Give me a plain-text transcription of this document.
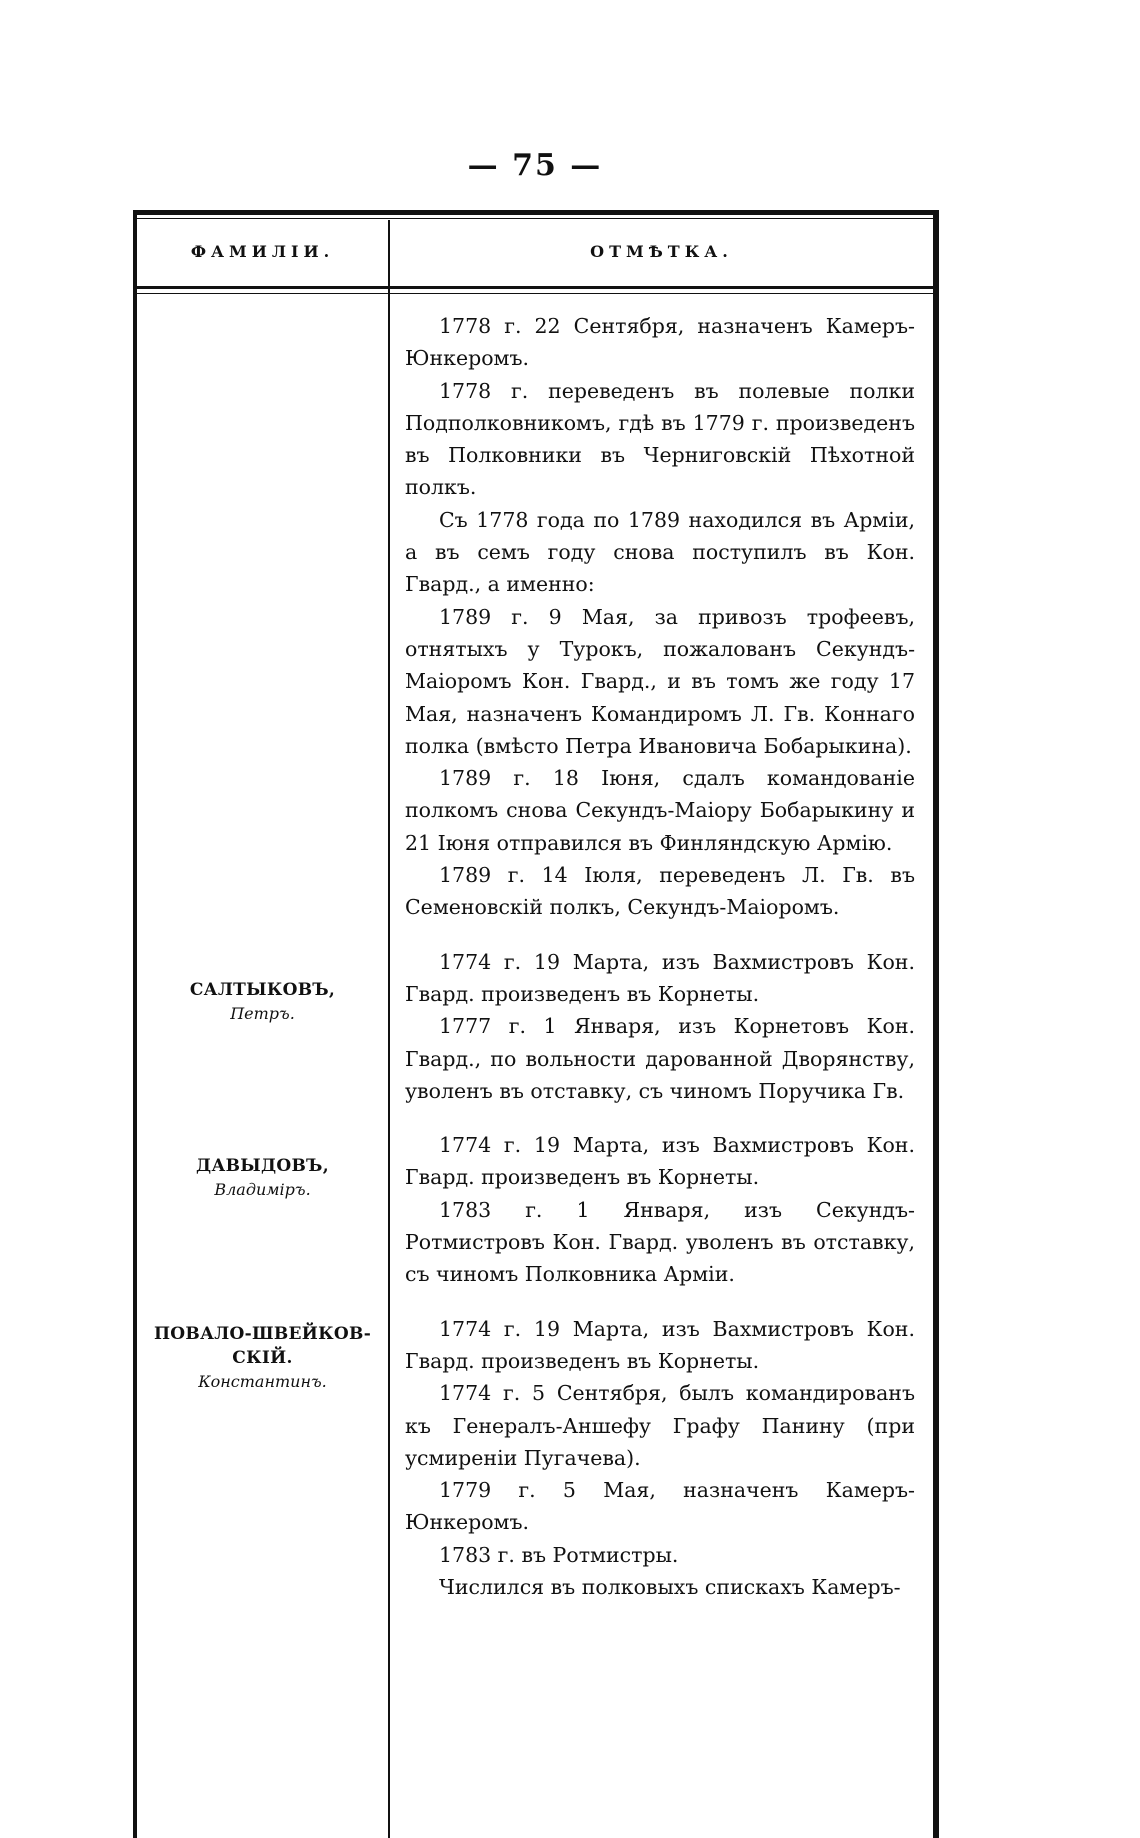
— 75 —
ФАМИЛІИ.	ОТМѢТКА.
САЛТЫКОВЪ,
Петръ.
ДАВЫДОВЪ,
Владиміръ.
ПОВАЛО-ШВЕЙКОВ-
СКІЙ.
Константинъ.

1778 г. 22 Сентября, назначенъ Камеръ-Юнкеромъ.

1778 г. переведенъ въ полевые полки Подполковникомъ, гдѣ въ 1779 г. произведенъ въ Полковники въ Черниговскій Пѣхотной полкъ.

Съ 1778 года по 1789 находился въ Арміи, а въ семъ году снова поступилъ въ Кон. Гвард., а именно:

1789 г. 9 Мая, за привозъ трофеевъ, отнятыхъ у Турокъ, пожалованъ Секундъ-Маіоромъ Кон. Гвард., и въ томъ же году 17 Мая, назначенъ Командиромъ Л. Гв. Коннаго полка (вмѣсто Петра Ивановича Бобарыкина).

1789 г. 18 Іюня, сдалъ командованіе полкомъ снова Секундъ-Маіору Бобарыкину и 21 Іюня отправился въ Финляндскую Армію.

1789 г. 14 Іюля, переведенъ Л. Гв. въ Семеновскій полкъ, Секундъ-Маіоромъ.

1774 г. 19 Марта, изъ Вахмистровъ Кон. Гвард. произведенъ въ Корнеты.

1777 г. 1 Января, изъ Корнетовъ Кон. Гвард., по вольности дарованной Дворянству, уволенъ въ отставку, съ чиномъ Поручика Гв.

1774 г. 19 Марта, изъ Вахмистровъ Кон. Гвард. произведенъ въ Корнеты.

1783 г. 1 Января, изъ Секундъ-Ротмистровъ Кон. Гвард. уволенъ въ отставку, съ чиномъ Полковника Арміи.

1774 г. 19 Марта, изъ Вахмистровъ Кон. Гвард. произведенъ въ Корнеты.

1774 г. 5 Сентября, былъ командированъ къ Генералъ-Аншефу Графу Панину (при усмиреніи Пугачева).

1779 г. 5 Мая, назначенъ Камеръ-Юнкеромъ.

1783 г. въ Ротмистры.

Числился въ полковыхъ спискахъ Камеръ-
